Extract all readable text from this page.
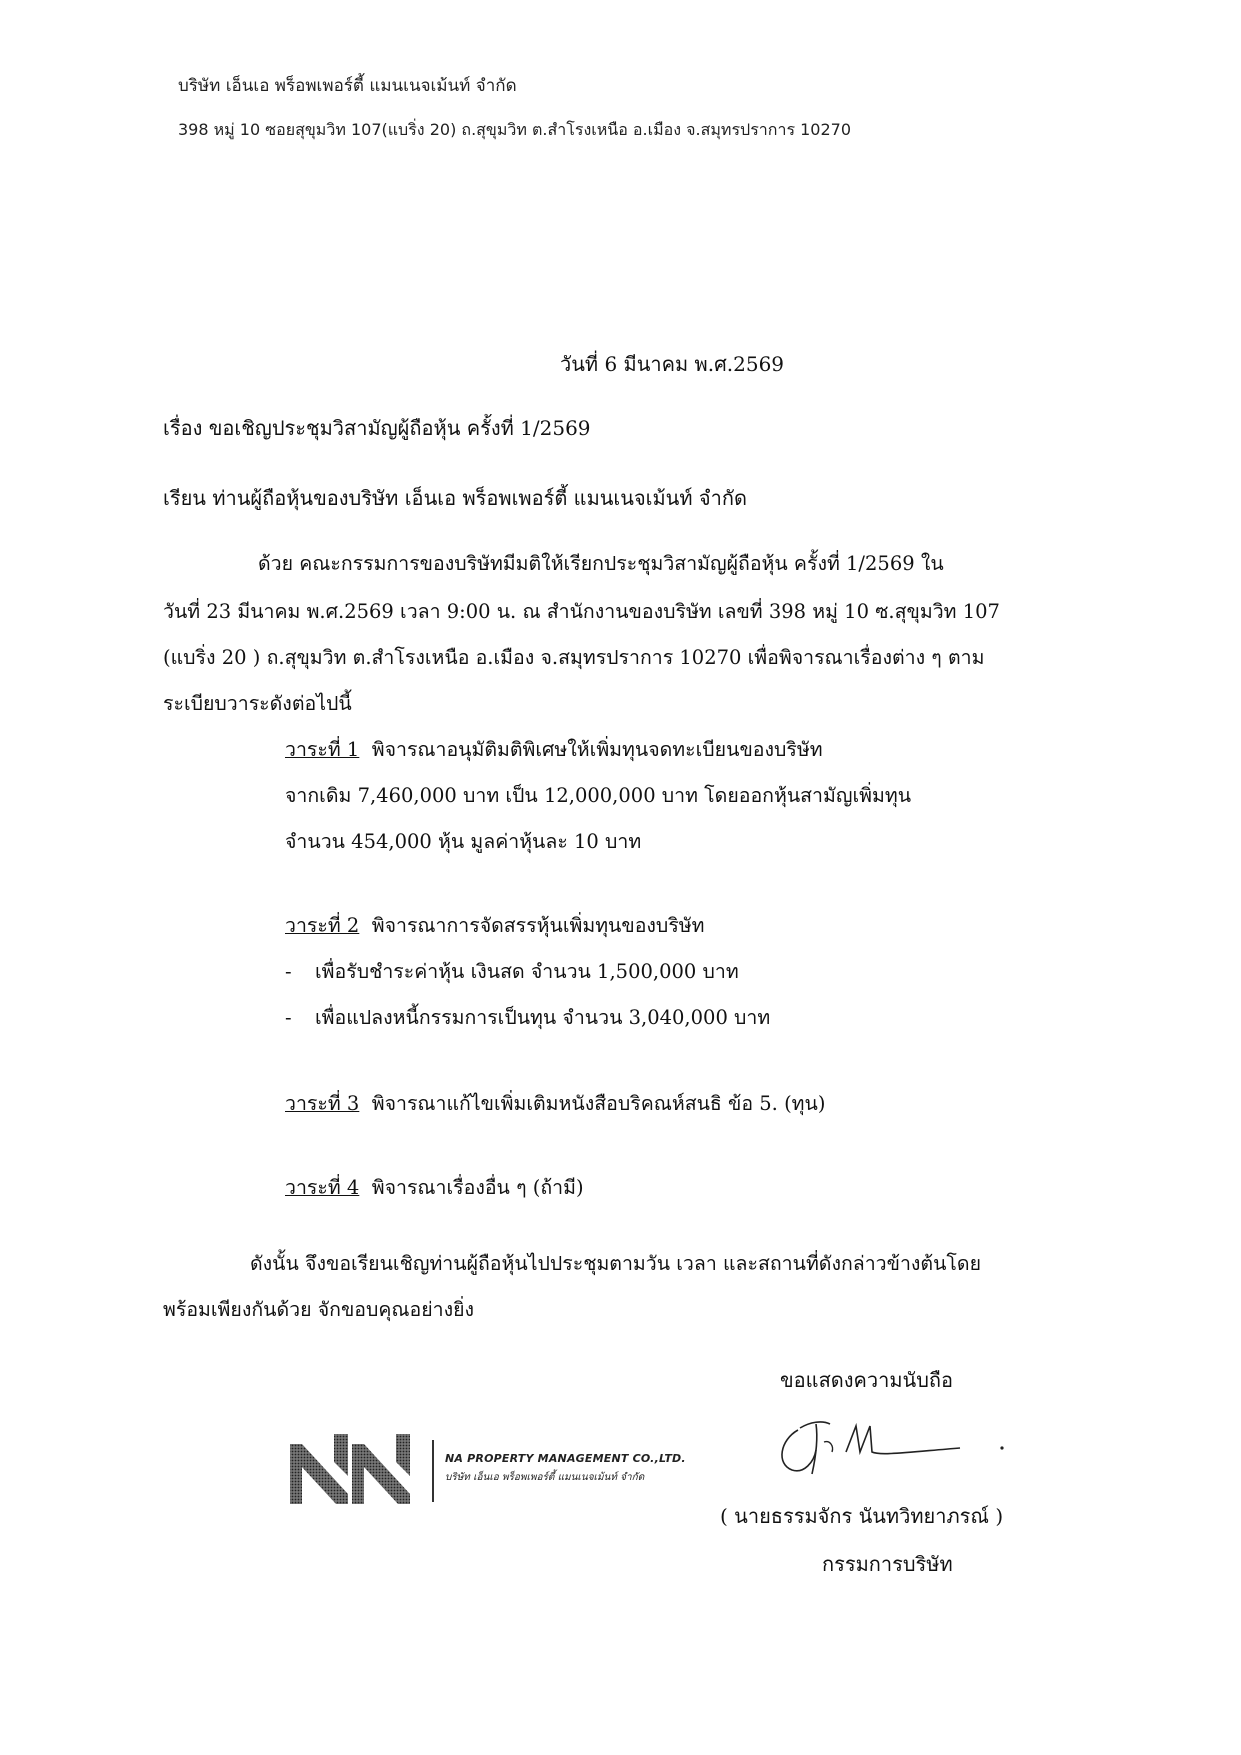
บริษัท เอ็นเอ พร็อพเพอร์ตี้ แมนเนจเม้นท์ จำกัด
398 หมู่ 10 ซอยสุขุมวิท 107(แบริ่ง 20) ถ.สุขุมวิท ต.สำโรงเหนือ อ.เมือง จ.สมุทรปราการ 10270
วันที่ 6 มีนาคม พ.ศ.2569
เรื่อง ขอเชิญประชุมวิสามัญผู้ถือหุ้น ครั้งที่ 1/2569
เรียน ท่านผู้ถือหุ้นของบริษัท เอ็นเอ พร็อพเพอร์ตี้ แมนเนจเม้นท์ จำกัด
ด้วย คณะกรรมการของบริษัทมีมติให้เรียกประชุมวิสามัญผู้ถือหุ้น ครั้งที่ 1/2569 ใน
วันที่ 23 มีนาคม พ.ศ.2569 เวลา 9:00 น. ณ สำนักงานของบริษัท เลขที่ 398 หมู่ 10 ซ.สุขุมวิท 107
(แบริ่ง 20 ) ถ.สุขุมวิท ต.สำโรงเหนือ อ.เมือง จ.สมุทรปราการ 10270 เพื่อพิจารณาเรื่องต่าง ๆ ตาม
ระเบียบวาระดังต่อไปนี้
วาระที่ 1 พิจารณาอนุมัติมติพิเศษให้เพิ่มทุนจดทะเบียนของบริษัท
จากเดิม 7,460,000 บาท เป็น 12,000,000 บาท โดยออกหุ้นสามัญเพิ่มทุน
จำนวน 454,000 หุ้น มูลค่าหุ้นละ 10 บาท
วาระที่ 2 พิจารณาการจัดสรรหุ้นเพิ่มทุนของบริษัท
- เพื่อรับชำระค่าหุ้น เงินสด จำนวน 1,500,000 บาท
- เพื่อแปลงหนี้กรรมการเป็นทุน จำนวน 3,040,000 บาท
วาระที่ 3 พิจารณาแก้ไขเพิ่มเติมหนังสือบริคณห์สนธิ ข้อ 5. (ทุน)
วาระที่ 4 พิจารณาเรื่องอื่น ๆ (ถ้ามี)
ดังนั้น จึงขอเรียนเชิญท่านผู้ถือหุ้นไปประชุมตามวัน เวลา และสถานที่ดังกล่าวข้างต้นโดย
พร้อมเพียงกันด้วย จักขอบคุณอย่างยิ่ง
ขอแสดงความนับถือ
NA PROPERTY MANAGEMENT CO.,LTD.
บริษัท เอ็นเอ พร็อพเพอร์ตี้ แมนเนจเม้นท์ จำกัด
( นายธรรมจักร นันทวิทยาภรณ์ )
กรรมการบริษัท
